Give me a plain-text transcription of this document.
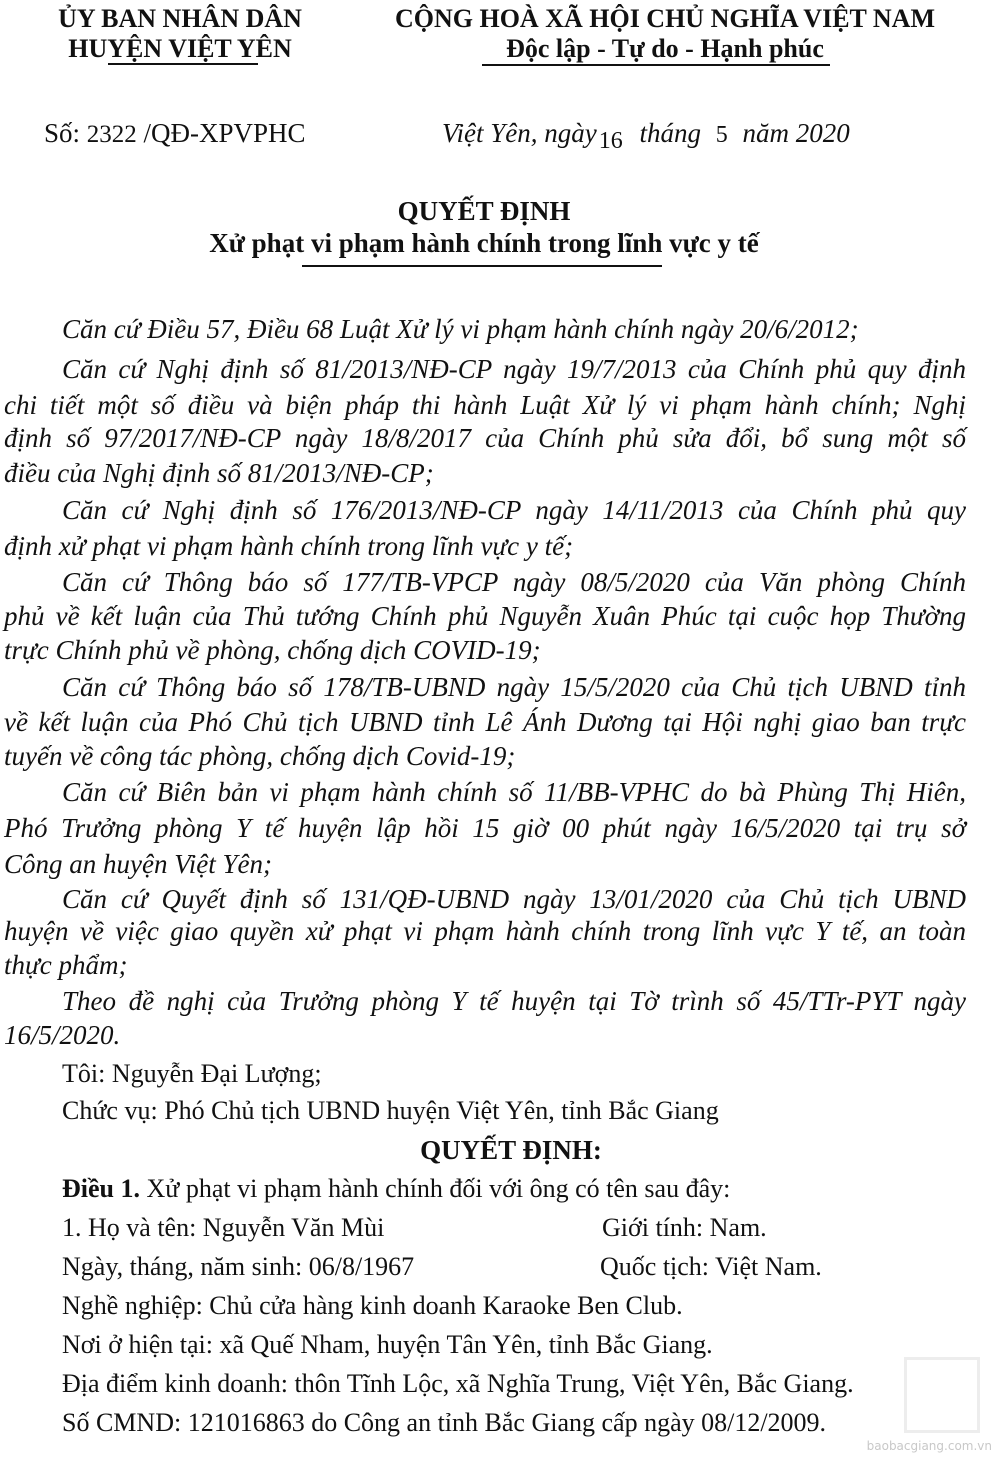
ỦY BAN NHÂN DÂN
HUYỆN VIỆT YÊN
CỘNG HOÀ XÃ HỘI CHỦ NGHĨA VIỆT NAM
Độc lập - Tự do - Hạnh phúc
Số: 2322 /QĐ-XPVPHC	Việt Yên, ngày16 tháng 5 năm 2020
QUYẾT ĐỊNH
Xử phạt vi phạm hành chính trong lĩnh vực y tế
Căn cứ Điều 57, Điều 68 Luật Xử lý vi phạm hành chính ngày 20/6/2012;
Căn cứ Nghị định số 81/2013/NĐ-CP ngày 19/7/2013 của Chính phủ quy định
chi tiết một số điều và biện pháp thi hành Luật Xử lý vi phạm hành chính; Nghị
định số 97/2017/NĐ-CP ngày 18/8/2017 của Chính phủ sửa đổi, bổ sung một số
điều của Nghị định số 81/2013/NĐ-CP;
Căn cứ Nghị định số 176/2013/NĐ-CP ngày 14/11/2013 của Chính phủ quy
định xử phạt vi phạm hành chính trong lĩnh vực y tế;
Căn cứ Thông báo số 177/TB-VPCP ngày 08/5/2020 của Văn phòng Chính
phủ về kết luận của Thủ tướng Chính phủ Nguyễn Xuân Phúc tại cuộc họp Thường
trực Chính phủ về phòng, chống dịch COVID-19;
Căn cứ Thông báo số 178/TB-UBND ngày 15/5/2020 của Chủ tịch UBND tỉnh
về kết luận của Phó Chủ tịch UBND tỉnh Lê Ánh Dương tại Hội nghị giao ban trực
tuyến về công tác phòng, chống dịch Covid-19;
Căn cứ Biên bản vi phạm hành chính số 11/BB-VPHC do bà Phùng Thị Hiên,
Phó Trưởng phòng Y tế huyện lập hồi 15 giờ 00 phút ngày 16/5/2020 tại trụ sở
Công an huyện Việt Yên;
Căn cứ Quyết định số 131/QĐ-UBND ngày 13/01/2020 của Chủ tịch UBND
huyện về việc giao quyền xử phạt vi phạm hành chính trong lĩnh vực Y tế, an toàn
thực phẩm;
Theo đề nghị của Trưởng phòng Y tế huyện tại Tờ trình số 45/TTr-PYT ngày
16/5/2020.
Tôi: Nguyễn Đại Lượng;
Chức vụ: Phó Chủ tịch UBND huyện Việt Yên, tỉnh Bắc Giang
QUYẾT ĐỊNH:
Điều 1. Xử phạt vi phạm hành chính đối với ông có tên sau đây:
1. Họ và tên: Nguyễn Văn Mùi	Giới tính: Nam.
Ngày, tháng, năm sinh: 06/8/1967	Quốc tịch: Việt Nam.
Nghề nghiệp: Chủ cửa hàng kinh doanh Karaoke Ben Club.
Nơi ở hiện tại: xã Quế Nham, huyện Tân Yên, tỉnh Bắc Giang.
Địa điểm kinh doanh: thôn Tĩnh Lộc, xã Nghĩa Trung, Việt Yên, Bắc Giang.
Số CMND: 121016863 do Công an tỉnh Bắc Giang cấp ngày 08/12/2009.
baobacgiang.com.vn
